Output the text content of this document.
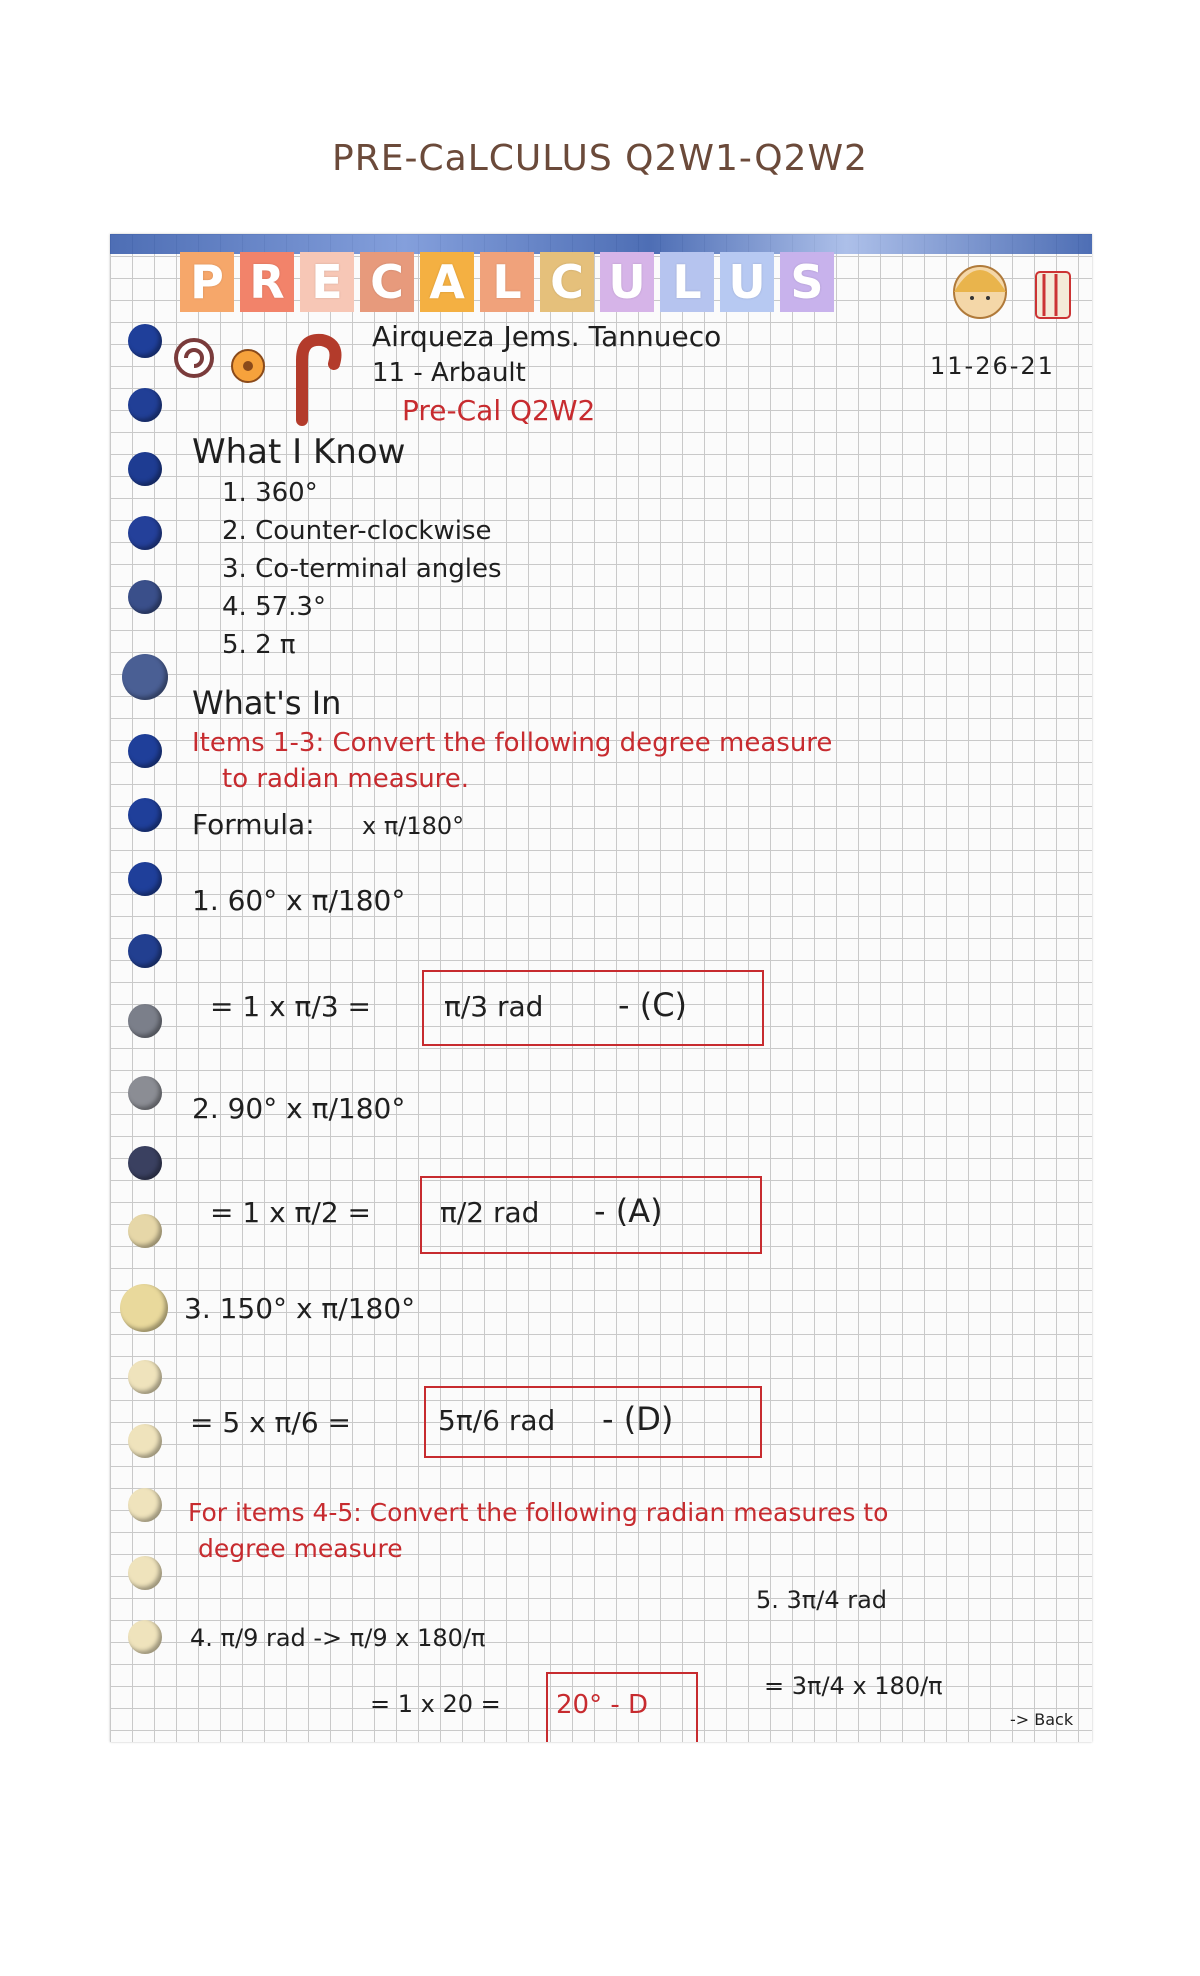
PRE-CaLCULUS Q2W1-Q2W2
P R E C A L C U L U S
Airqueza Jems. Tannueco
11 - Arbault
Pre-Cal Q2W2
11-26-21
What I Know
1. 360°
2. Counter-clockwise
3. Co-terminal angles
4. 57.3°
5. 2 π
What's In
Items 1-3: Convert the following degree measure
to radian measure.
Formula: x π/180°
1. 60° x π/180°
= 1 x π/3 =	π/3 rad - (C)
2. 90° x π/180°
= 1 x π/2 = π/2 rad - (A)
3. 150° x π/180°
= 5 x π/6 =	5π/6 rad - (D)
For items 4-5: Convert the following radian measures to
degree measure
4. π/9 rad -> π/9 x 180/π
= 1 x 20 = 20° - D
5. 3π/4 rad
= 3π/4 x 180/π
-> Back
